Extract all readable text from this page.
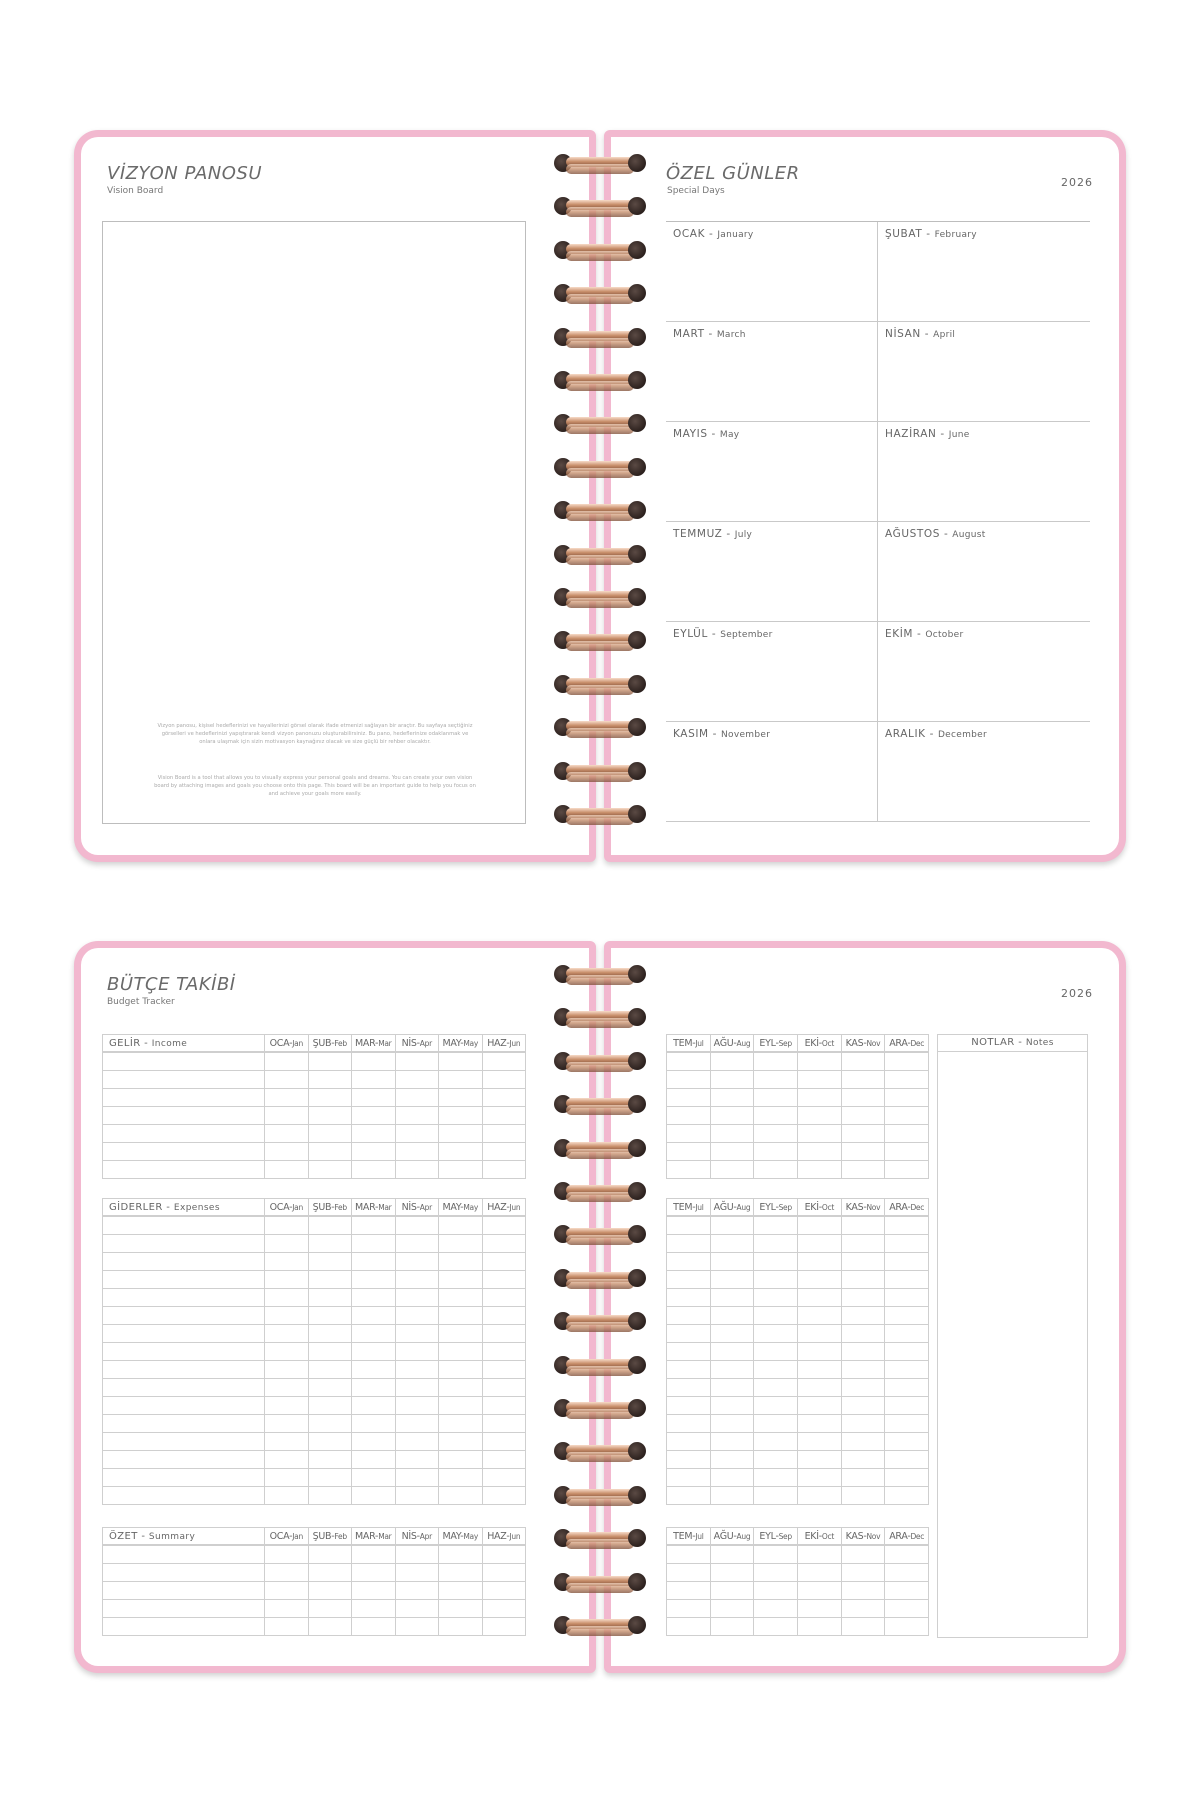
VİZYON PANOSU
Vision Board
Vizyon panosu, kişisel hedeflerinizi ve hayallerinizi görsel olarak ifade etmenizi sağlayan bir araçtır. Bu sayfaya seçtiğiniz görselleri ve hedeflerinizi yapıştırarak kendi vizyon panonuzu oluşturabilirsiniz. Bu pano, hedeflerinize odaklanmak ve onlara ulaşmak için sizin motivasyon kaynağınız olacak ve size güçlü bir rehber olacaktır.
Vision Board is a tool that allows you to visually express your personal goals and dreams. You can create your own vision board by attaching images and goals you choose onto this page. This board will be an important guide to help you focus on and achieve your goals more easily.
ÖZEL GÜNLER
Special Days
2026
OCAK - January	ŞUBAT - February
MART - March	NİSAN - April
MAYIS - May	HAZİRAN - June
TEMMUZ - July	AĞUSTOS - August
EYLÜL - September	EKİM - October
KASIM - November	ARALIK - December
BÜTÇE TAKİBİ
Budget Tracker
GELİR - Income	OCA-Jan	ŞUB-Feb	MAR-Mar	NİS-Apr	MAY-May	HAZ-Jun

GİDERLER - Expenses	OCA-Jan	ŞUB-Feb	MAR-Mar	NİS-Apr	MAY-May	HAZ-Jun

ÖZET - Summary	OCA-Jan	ŞUB-Feb	MAR-Mar	NİS-Apr	MAY-May	HAZ-Jun

2026
TEM-Jul	AĞU-Aug	EYL-Sep	EKİ-Oct	KAS-Nov	ARA-Dec

TEM-Jul	AĞU-Aug	EYL-Sep	EKİ-Oct	KAS-Nov	ARA-Dec

TEM-Jul	AĞU-Aug	EYL-Sep	EKİ-Oct	KAS-Nov	ARA-Dec

NOTLAR - Notes
